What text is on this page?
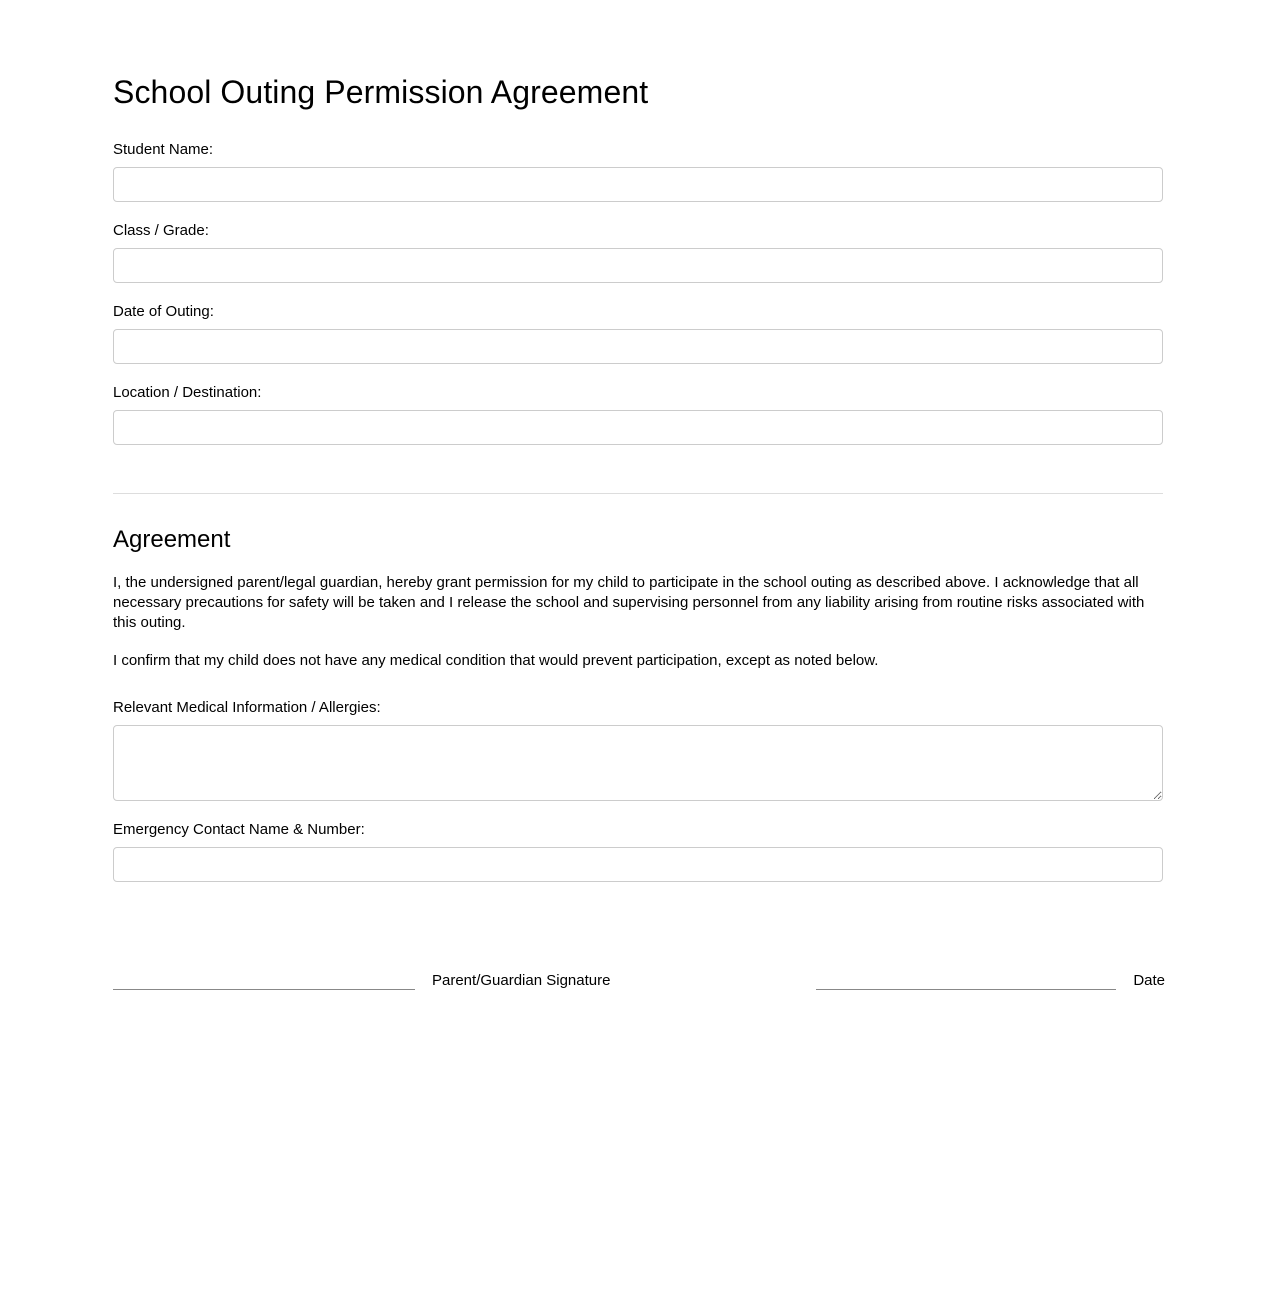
School Outing Permission Agreement
Student Name:
Class / Grade:
Date of Outing:
Location / Destination:
Agreement

I, the undersigned parent/legal guardian, hereby grant permission for my child to participate in the school outing as described above. I acknowledge that all necessary precautions for safety will be taken and I release the school and supervising personnel from any liability arising from routine risks associated with this outing.

I confirm that my child does not have any medical condition that would prevent participation, except as noted below.

Relevant Medical Information / Allergies:
Emergency Contact Name & Number:
Parent/Guardian Signature	Date
